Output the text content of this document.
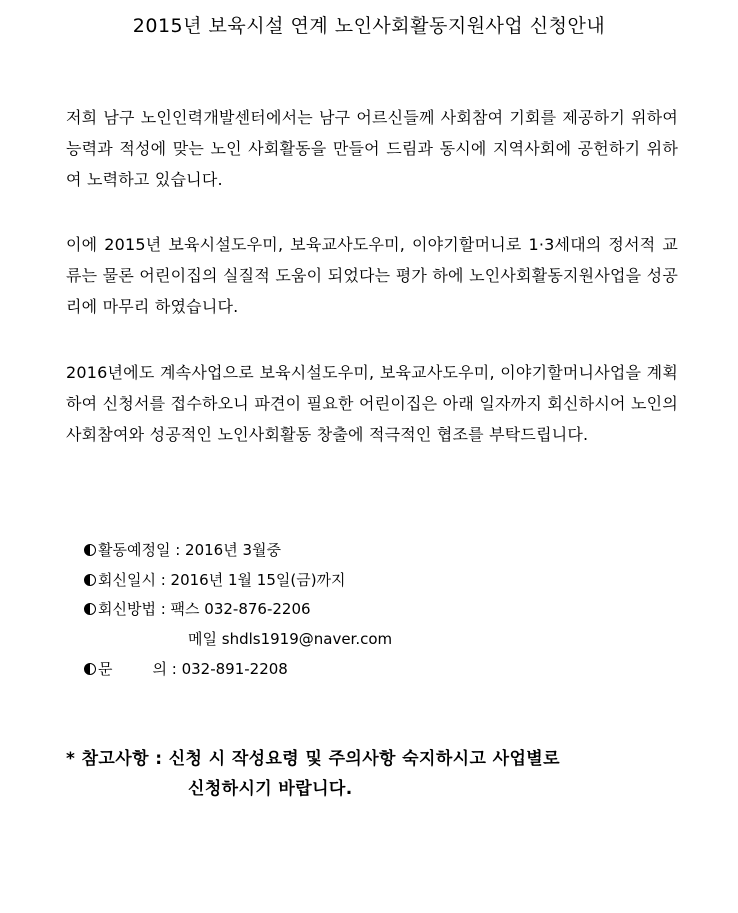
2015년 보육시설 연계 노인사회활동지원사업 신청안내

저희 남구 노인인력개발센터에서는 남구 어르신들께 사회참여 기회를 제공하기 위하여 능력과 적성에 맞는 노인 사회활동을 만들어 드림과 동시에 지역사회에 공헌하기 위하여 노력하고 있습니다.

이에 2015년 보육시설도우미, 보육교사도우미, 이야기할머니로 1·3세대의 정서적 교류는 물론 어린이집의 실질적 도움이 되었다는 평가 하에 노인사회활동지원사업을 성공리에 마무리 하였습니다.

2016년에도 계속사업으로 보육시설도우미, 보육교사도우미, 이야기할머니사업을 계획하여 신청서를 접수하오니 파견이 필요한 어린이집은 아래 일자까지 회신하시어 노인의 사회참여와 성공적인 노인사회활동 창출에 적극적인 협조를 부탁드립니다.

활동예정일 : 2016년 3월중
회신일시 : 2016년 1월 15일(금)까지
회신방법 : 팩스 032-876-2206
메일 shdls1919@naver.com
문	의 : 032-891-2208
* 참고사항 : 신청 시 작성요령 및 주의사항 숙지하시고 사업별로
신청하시기 바랍니다.
